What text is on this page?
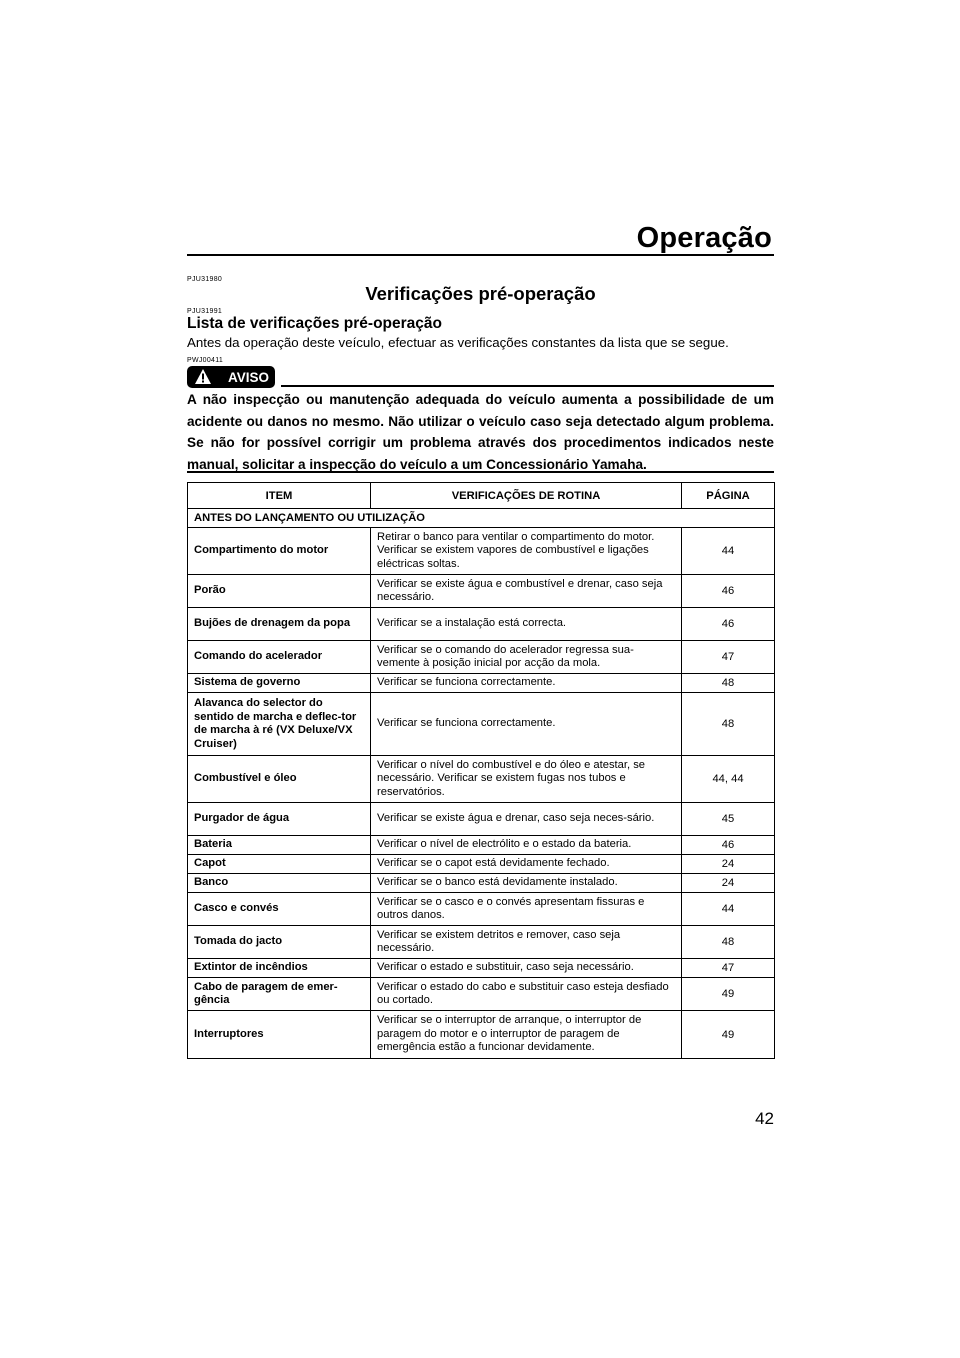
Operação
PJU31980
Verificações pré-operação
PJU31991
Lista de verificações pré-operação
Antes da operação deste veículo, efectuar as verificações constantes da lista que se segue.
PWJ00411
AVISO
A não inspecção ou manutenção adequada do veículo aumenta a possibilidade de um acidente ou danos no mesmo. Não utilizar o veículo caso seja detectado algum problema. Se não for possível corrigir um problema através dos procedimentos indicados neste manual, solicitar a inspecção do veículo a um Concessionário Yamaha.
ITEM	VERIFICAÇÕES DE ROTINA	PÁGINA
ANTES DO LANÇAMENTO OU UTILIZAÇÃO		
Compartimento do motor	Retirar o banco para ventilar o compartimento do motor. Verificar se existem vapores de combustível e ligações eléctricas soltas.	44
Porão	Verificar se existe água e combustível e drenar, caso seja necessário.	46
Bujões de drenagem da popa	Verificar se a instalação está correcta.	46
Comando do acelerador	Verificar se o comando do acelerador regressa sua-vemente à posição inicial por acção da mola.	47
Sistema de governo	Verificar se funciona correctamente.	48
Alavanca do selector do sentido de marcha e deflec-tor de marcha à ré (VX Deluxe/VX Cruiser)	Verificar se funciona correctamente.	48
Combustível e óleo	Verificar o nível do combustível e do óleo e atestar, se necessário. Verificar se existem fugas nos tubos e reservatórios.	44, 44
Purgador de água	Verificar se existe água e drenar, caso seja neces-sário.	45
Bateria	Verificar o nível de electrólito e o estado da bateria.	46
Capot	Verificar se o capot está devidamente fechado.	24
Banco	Verificar se o banco está devidamente instalado.	24
Casco e convés	Verificar se o casco e o convés apresentam fissuras e outros danos.	44
Tomada do jacto	Verificar se existem detritos e remover, caso seja necessário.	48
Extintor de incêndios	Verificar o estado e substituir, caso seja necessário.	47
Cabo de paragem de emer-gência	Verificar o estado do cabo e substituir caso esteja desfiado ou cortado.	49
Interruptores	Verificar se o interruptor de arranque, o interruptor de paragem do motor e o interruptor de paragem de emergência estão a funcionar devidamente.	49
42
